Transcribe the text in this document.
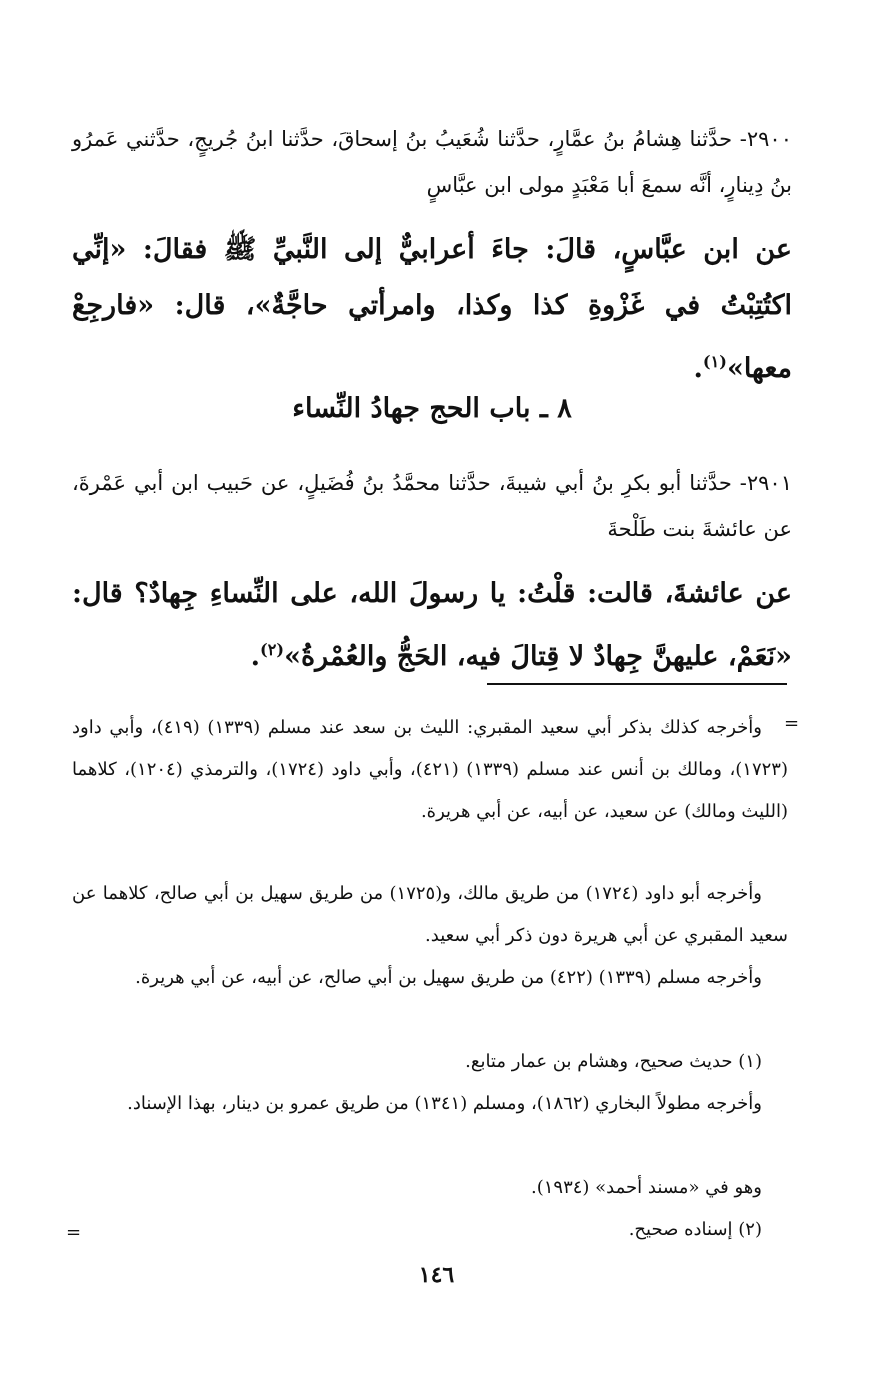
٢٩٠٠- حدَّثنا هِشامُ بنُ عمَّارٍ، حدَّثنا شُعَيبُ بنُ إسحاقَ، حدَّثنا ابنُ جُريجٍ، حدَّثني عَمرُو بنُ دِينارٍ، أنَّه سمعَ أبا مَعْبَدٍ مولى ابن عبَّاسٍ

عن ابن عبَّاسٍ، قالَ: جاءَ أعرابيٌّ إلى النَّبيِّ ﷺ فقالَ: «إنِّي اكتُتِبْتُ في غَزْوةِ كذا وكذا، وامرأتي حاجَّةٌ»، قال: «فارجِعْ معها»$^{(١)}$.

٨ ـ باب الحج جهادُ النِّساء

٢٩٠١- حدَّثنا أبو بكرِ بنُ أبي شيبةَ، حدَّثنا محمَّدُ بنُ فُضَيلٍ، عن حَبيب ابن أبي عَمْرةَ، عن عائشةَ بنت طَلْحةَ

عن عائشةَ، قالت: قلْتُ: يا رسولَ الله، على النِّساءِ جِهادٌ؟ قال: «نَعَمْ، عليهنَّ جِهادٌ لا قِتالَ فيه، الحَجُّ والعُمْرةُ»$^{(٢)}$.

=

وأخرجه كذلك بذكر أبي سعيد المقبري: الليث بن سعد عند مسلم (١٣٣٩) (٤١٩)، وأبي داود (١٧٢٣)، ومالك بن أنس عند مسلم (١٣٣٩) (٤٢١)، وأبي داود (١٧٢٤)، والترمذي (١٢٠٤)، كلاهما (الليث ومالك) عن سعيد، عن أبيه، عن أبي هريرة.

وأخرجه أبو داود (١٧٢٤) من طريق مالك، و(١٧٢٥) من طريق سهيل بن أبي صالح، كلاهما عن سعيد المقبري عن أبي هريرة دون ذكر أبي سعيد.

وأخرجه مسلم (١٣٣٩) (٤٢٢) من طريق سهيل بن أبي صالح، عن أبيه، عن أبي هريرة.

(١) حديث صحيح، وهشام بن عمار متابع.

وأخرجه مطولاً البخاري (١٨٦٢)، ومسلم (١٣٤١) من طريق عمرو بن دينار، بهذا الإسناد.

وهو في «مسند أحمد» (١٩٣٤).

(٢) إسناده صحيح.

=
١٤٦
